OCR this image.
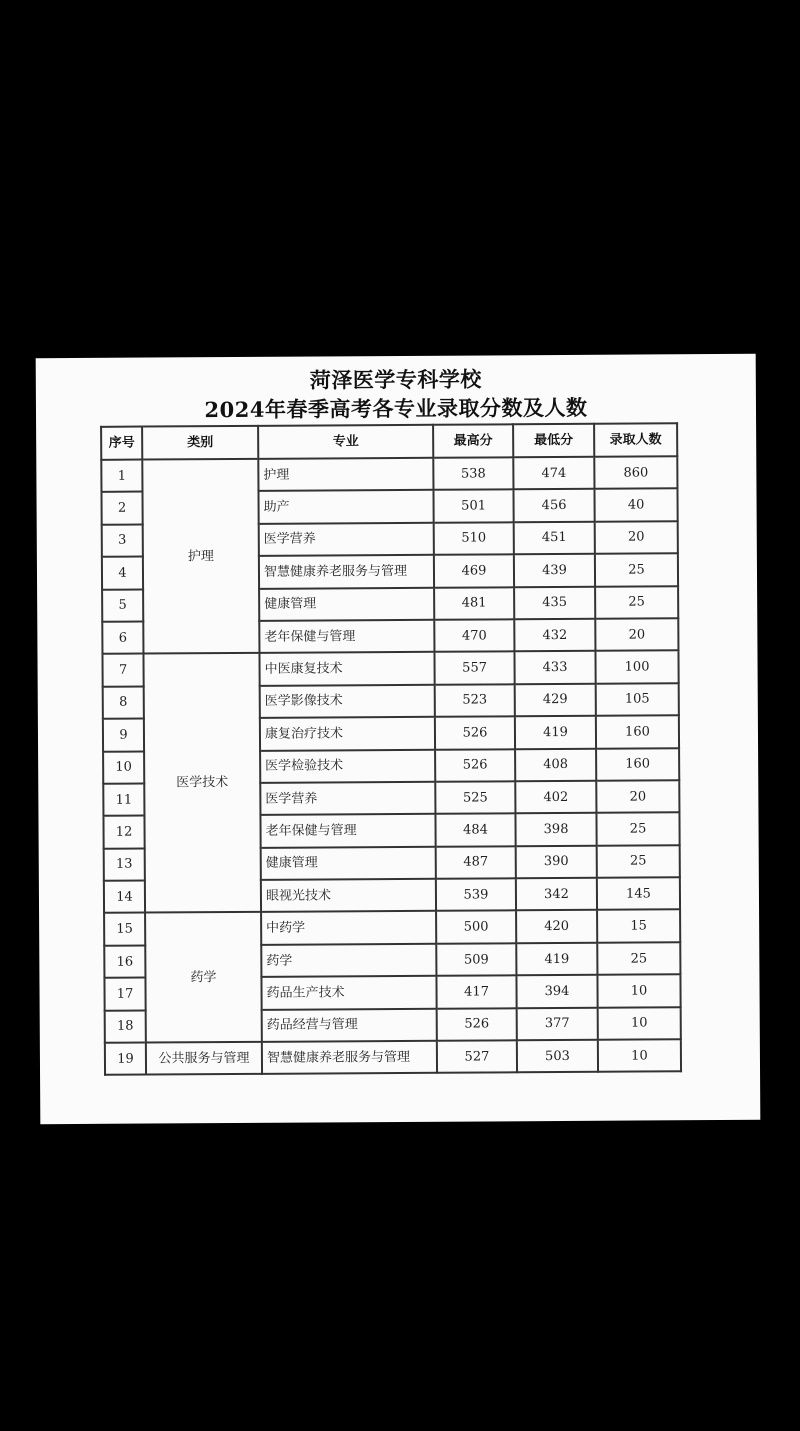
菏泽医学专科学校
2024年春季高考各专业录取分数及人数
序号	类别	专业	最高分	最低分	录取人数
1	护理	护理	538	474	860
2		助产	501	456	40
3		医学营养	510	451	20
4		智慧健康养老服务与管理	469	439	25
5		健康管理	481	435	25
6		老年保健与管理	470	432	20
7	医学技术	中医康复技术	557	433	100
8		医学影像技术	523	429	105
9		康复治疗技术	526	419	160
10		医学检验技术	526	408	160
11		医学营养	525	402	20
12		老年保健与管理	484	398	25
13		健康管理	487	390	25
14		眼视光技术	539	342	145
15	药学	中药学	500	420	15
16		药学	509	419	25
17		药品生产技术	417	394	10
18		药品经营与管理	526	377	10
19	公共服务与管理	智慧健康养老服务与管理	527	503	10
